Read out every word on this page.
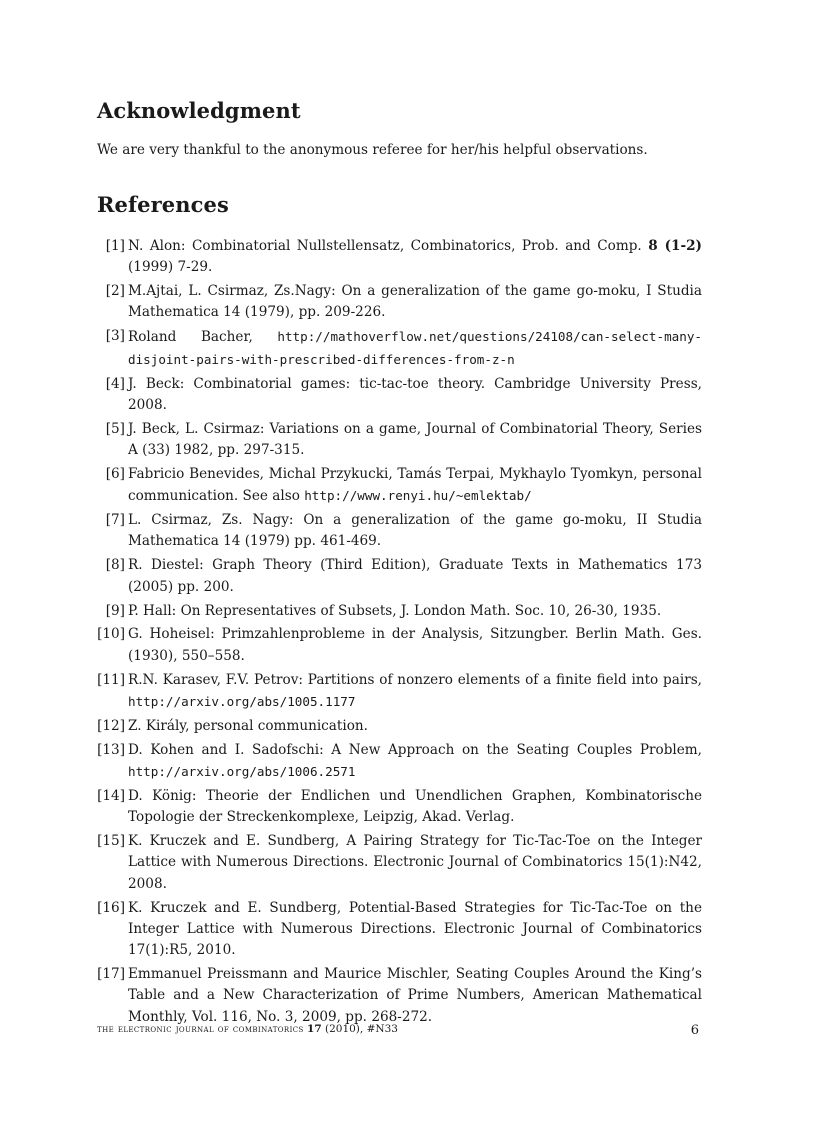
Acknowledgment
We are very thankful to the anonymous referee for her/his helpful observations.
References
[1] N. Alon: Combinatorial Nullstellensatz, Combinatorics, Prob. and Comp. 8 (1-2) (1999) 7-29.
[2] M.Ajtai, L. Csirmaz, Zs.Nagy: On a generalization of the game go-moku, I Studia Mathematica 14 (1979), pp. 209-226.
[3] Roland Bacher, http://mathoverflow.net/questions/24108/can-select-many-disjoint-pairs-with-prescribed-differences-from-z-n
[4] J. Beck: Combinatorial games: tic-tac-toe theory. Cambridge University Press, 2008.
[5] J. Beck, L. Csirmaz: Variations on a game, Journal of Combinatorial Theory, Series A (33) 1982, pp. 297-315.
[6] Fabricio Benevides, Michal Przykucki, Tamás Terpai, Mykhaylo Tyomkyn, personal communication. See also http://www.renyi.hu/~emlektab/
[7] L. Csirmaz, Zs. Nagy: On a generalization of the game go-moku, II Studia Mathematica 14 (1979) pp. 461-469.
[8] R. Diestel: Graph Theory (Third Edition), Graduate Texts in Mathematics 173 (2005) pp. 200.
[9] P. Hall: On Representatives of Subsets, J. London Math. Soc. 10, 26-30, 1935.
[10] G. Hoheisel: Primzahlenprobleme in der Analysis, Sitzungber. Berlin Math. Ges. (1930), 550–558.
[11] R.N. Karasev, F.V. Petrov: Partitions of nonzero elements of a finite field into pairs, http://arxiv.org/abs/1005.1177
[12] Z. Király, personal communication.
[13] D. Kohen and I. Sadofschi: A New Approach on the Seating Couples Problem, http://arxiv.org/abs/1006.2571
[14] D. König: Theorie der Endlichen und Unendlichen Graphen, Kombinatorische Topologie der Streckenkomplexe, Leipzig, Akad. Verlag.
[15] K. Kruczek and E. Sundberg, A Pairing Strategy for Tic-Tac-Toe on the Integer Lattice with Numerous Directions. Electronic Journal of Combinatorics 15(1):N42, 2008.
[16] K. Kruczek and E. Sundberg, Potential-Based Strategies for Tic-Tac-Toe on the Integer Lattice with Numerous Directions. Electronic Journal of Combinatorics 17(1):R5, 2010.
[17] Emmanuel Preissmann and Maurice Mischler, Seating Couples Around the King’s Table and a New Characterization of Prime Numbers, American Mathematical Monthly, Vol. 116, No. 3, 2009, pp. 268-272.
the electronic journal of combinatorics 17 (2010), #N33	6
